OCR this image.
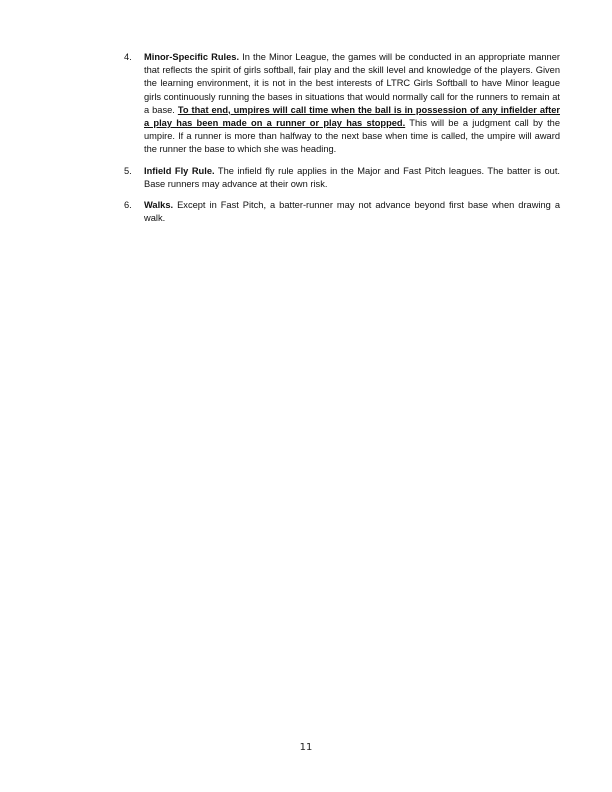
4. Minor-Specific Rules. In the Minor League, the games will be conducted in an appropriate manner that reflects the spirit of girls softball, fair play and the skill level and knowledge of the players. Given the learning environment, it is not in the best interests of LTRC Girls Softball to have Minor league girls continuously running the bases in situations that would normally call for the runners to remain at a base. To that end, umpires will call time when the ball is in possession of any infielder after a play has been made on a runner or play has stopped. This will be a judgment call by the umpire. If a runner is more than halfway to the next base when time is called, the umpire will award the runner the base to which she was heading.
5. Infield Fly Rule. The infield fly rule applies in the Major and Fast Pitch leagues. The batter is out. Base runners may advance at their own risk.
6. Walks. Except in Fast Pitch, a batter-runner may not advance beyond first base when drawing a walk.
11
